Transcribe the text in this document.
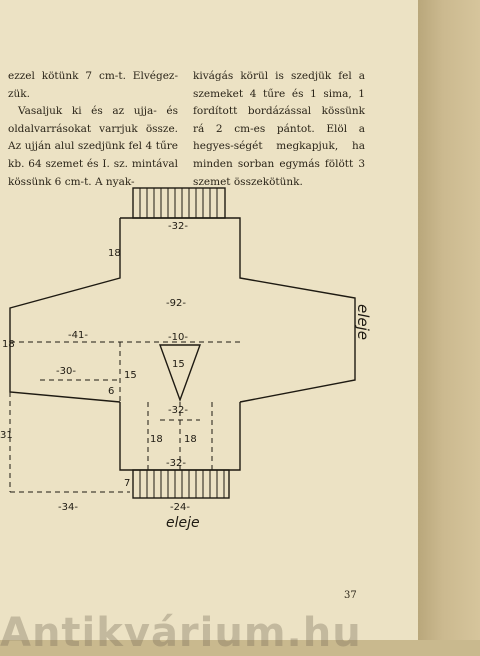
ezzel kötünk 7 cm-t. Elvégez-zük.

Vasaljuk ki és az ujja- és oldalvarrásokat varrjuk össze. Az ujján alul szedjünk fel 4 tűre kb. 64 szemet és I. sz. mintával kössünk 6 cm-t. A nyak-

kivágás körül is szedjük fel a szemeket 4 tűre és 1 sima, 1 fordított bordázással kössünk rá 2 cm-es pántot. Elöl a hegyes-ségét megkapjuk, ha minden sorban egymás fölött 3 szemet összekötünk.

-32-
18
-92-
18
-41-	-10-
15
-30-	15
6
-32-
31	18 18
-32-
7
-24-
-34-
eleje
eleje
37
Antikvárium.hu
